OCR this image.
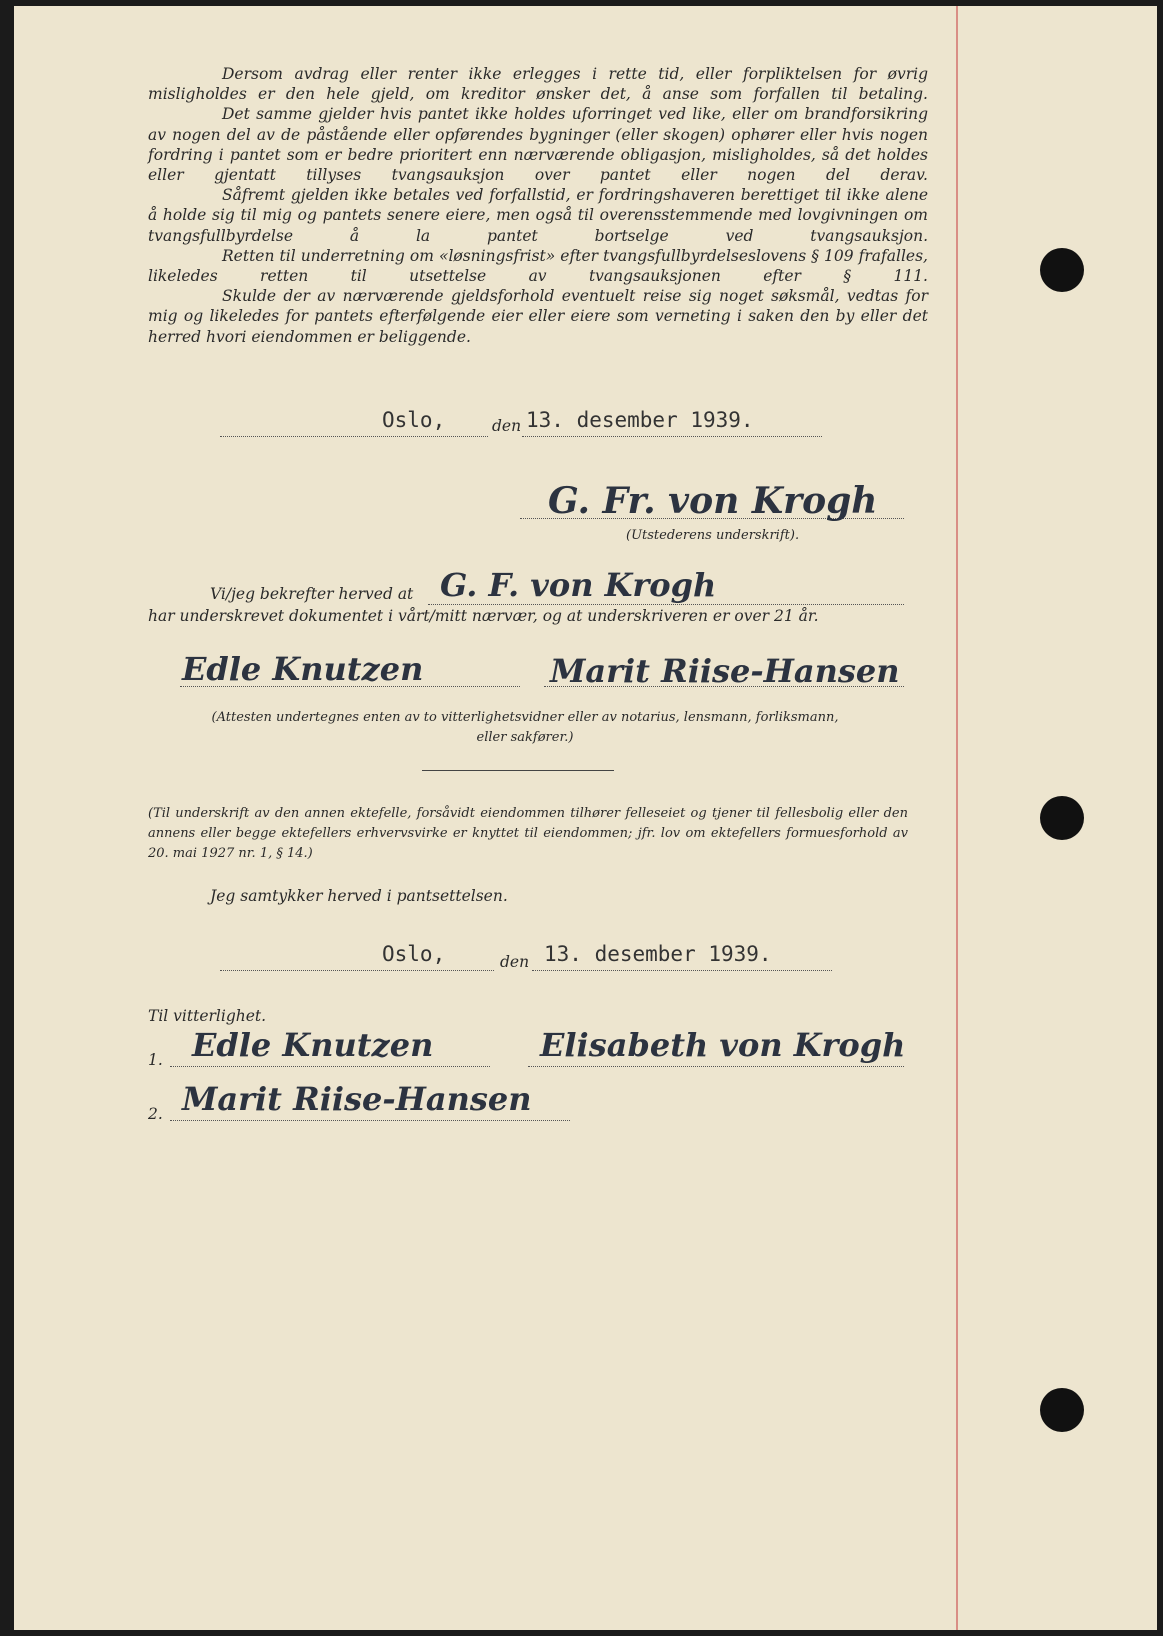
Dersom avdrag eller renter ikke erlegges i rette tid, eller forpliktelsen for øvrig misligholdes er den hele gjeld, om kreditor ønsker det, å anse som forfallen til betaling.

Det samme gjelder hvis pantet ikke holdes uforringet ved like, eller om brandforsikring av nogen del av de påstående eller opførendes bygninger (eller skogen) ophører eller hvis nogen fordring i pantet som er bedre prioritert enn nærværende obligasjon, misligholdes, så det holdes eller gjentatt tillyses tvangsauksjon over pantet eller nogen del derav.

Såfremt gjelden ikke betales ved forfallstid, er fordringshaveren berettiget til ikke alene å holde sig til mig og pantets senere eiere, men også til overensstemmende med lovgivningen om tvangsfullbyrdelse å la pantet bortselge ved tvangsauksjon.

Retten til underretning om «løsningsfrist» efter tvangsfullbyrdelseslovens § 109 frafalles, likeledes retten til utsettelse av tvangsauksjonen efter § 111.

Skulde der av nærværende gjeldsforhold eventuelt reise sig noget søksmål, vedtas for mig og likeledes for pantets efterfølgende eier eller eiere som verneting i saken den by eller det herred hvori eiendommen er beliggende.

Oslo,	den 13. desember 1939.
G. Fr. von Krogh
(Utstederens underskrift).
Vi/jeg bekrefter herved at G. F. von Krogh
har underskrevet dokumentet i vårt/mitt nærvær, og at underskriveren er over 21 år.
Edle Knutzen	Marit Riise-Hansen
(Attesten undertegnes enten av to vitterlighetsvidner eller av notarius, lensmann, forliksmann, eller sakfører.)
(Til underskrift av den annen ektefelle, forsåvidt eiendommen tilhører felleseiet og tjener til fellesbolig eller den annens eller begge ektefellers erhvervsvirke er knyttet til eiendommen; jfr. lov om ektefellers formuesforhold av 20. mai 1927 nr. 1, § 14.)
Jeg samtykker herved i pantsettelsen.
Oslo,	den 13. desember 1939.
Til vitterlighet.
1. Edle Knutzen	Elisabeth von Krogh
2. Marit Riise-Hansen
